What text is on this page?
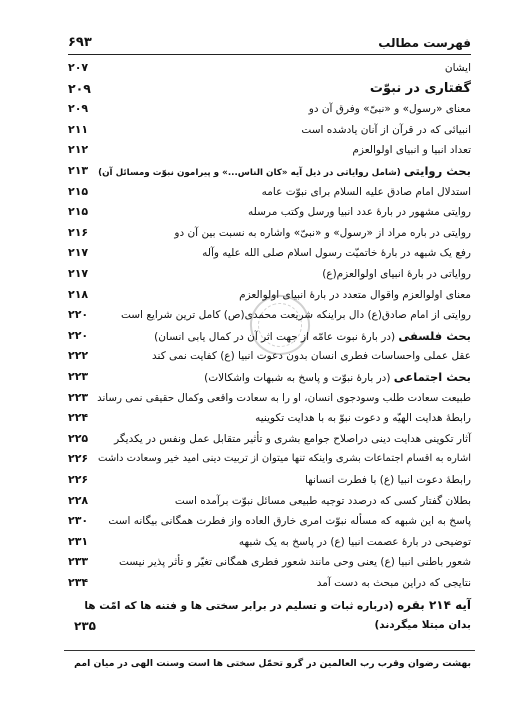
فهرست مطالب
۶۹۳
ایشان
۲۰۷
گفتاری در نبوّت
۲۰۹
معنای «رسول» و «نبیّ» وفرق آن دو
۲۰۹
انبیائی که در قرآن از آنان یادشده است
۲۱۱
تعداد انبیا و انبیای اولوالعزم
۲۱۲
بحث روایتی (شامل روایاتی در ذیل آیه «کان الناس...» و پیرامون نبوّت ومسائل آن)
۲۱۳
استدلال امام صادق علیه السلام برای نبوّت عامه
۲۱۵
روایتی مشهور در بارۀ عدد انبیا ورسل وکتب مرسله
۲۱۵
روایتی در باره مراد از «رسول» و «نبیّ» واشاره به نسبت بین آن دو
۲۱۶
رفع یک شبهه در بارۀ خاتمیّت رسول اسلام صلی الله علیه وآله
۲۱۷
روایاتی در بارۀ انبیای اولوالعزم(ع)
۲۱۷
معنای اولوالعزم واقوال متعدد در بارۀ انبیای اولوالعزم
۲۱۸
روایتی از امام صادق(ع) دال براینکه شریعت محمدی(ص) کامل ترین شرایع است
۲۲۰
بحث فلسفی (در بارۀ نبوت عامّه از جهت اثر آن در کمال یابی انسان)
۲۲۰
عقل عملی واحساسات فطری انسان بدون دعوت انبیا (ع) کفایت نمی کند
۲۲۲
بحث اجتماعی (در بارۀ نبوّت و پاسخ به شبهات واشکالات)
۲۲۳
طبیعت سعادت طلب وسودجوی انسان، او را به سعادت واقعی وکمال حقیقی نمی رساند
۲۲۳
رابطۀ هدایت الهیّه و دعوت نبوّ به با هدایت تکوینیه
۲۲۴
آثار تکوینی هدایت دینی دراصلاح جوامع بشری و تأثیر متقابل عمل ونفس در یکدیگر
۲۲۵
اشاره به اقسام اجتماعات بشری واینکه تنها میتوان از تربیت دینی امید خیر وسعادت داشت
۲۲۶
رابطۀ دعوت انبیا (ع) با فطرت انسانها
۲۲۶
بطلان گفتار کسی که درصدد توجیه طبیعی مسائل نبوّت برآمده است
۲۲۸
پاسخ به این شبهه که مسأله نبوّت امری خارق العاده واز فطرت همگانی بیگانه است
۲۳۰
توضیحی در بارۀ عصمت انبیا (ع) در پاسخ به یک شبهه
۲۳۱
شعور باطنی انبیا (ع) یعنی وحی مانند شعور فطری همگانی تغیّر و تأثر پذیر نیست
۲۳۳
نتایجی که دراین مبحث به دست آمد
۲۳۴
آیه ۲۱۴ بقره (درباره ثبات و تسلیم در برابر سختی ها و فتنه ها که امّت ها بدان مبتلا میگردند)
۲۳۵
بهشت رضوان وقرب رب العالمین در گرو تحمّل سختی ها است وسنت الهی در میان امم
